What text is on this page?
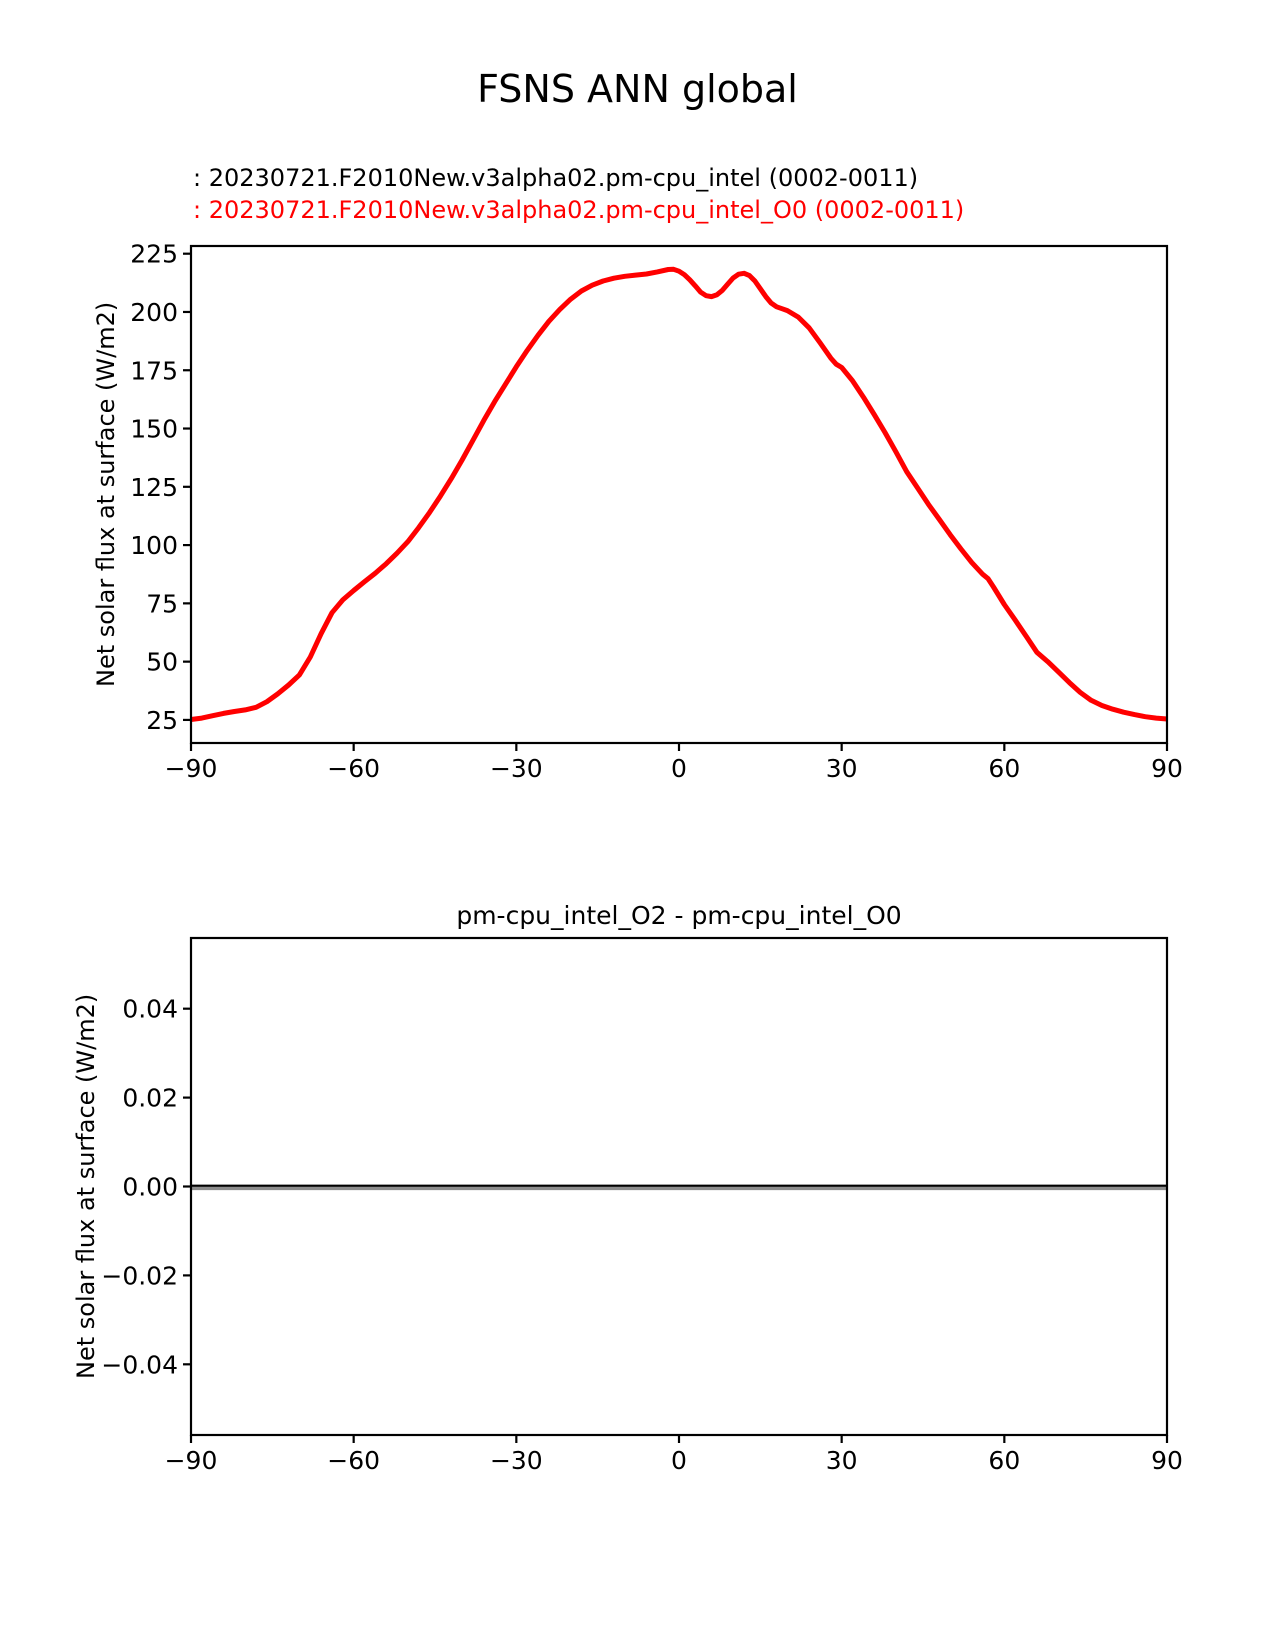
FSNS ANN global
: 20230721.F2010New.v3alpha02.pm-cpu_intel (0002-0011)
: 20230721.F2010New.v3alpha02.pm-cpu_intel_O0 (0002-0011)
Net solar flux at surface (W/m2)
pm-cpu_intel_O2 - pm-cpu_intel_O0
Net solar flux at surface (W/m2)
−90	−60	−30	0	30	60	90
25
50
75
100
125
150
175
200
225
−90	−60	−30	0	30	60	90
0.04
0.02
0.00
−0.02
−0.04
